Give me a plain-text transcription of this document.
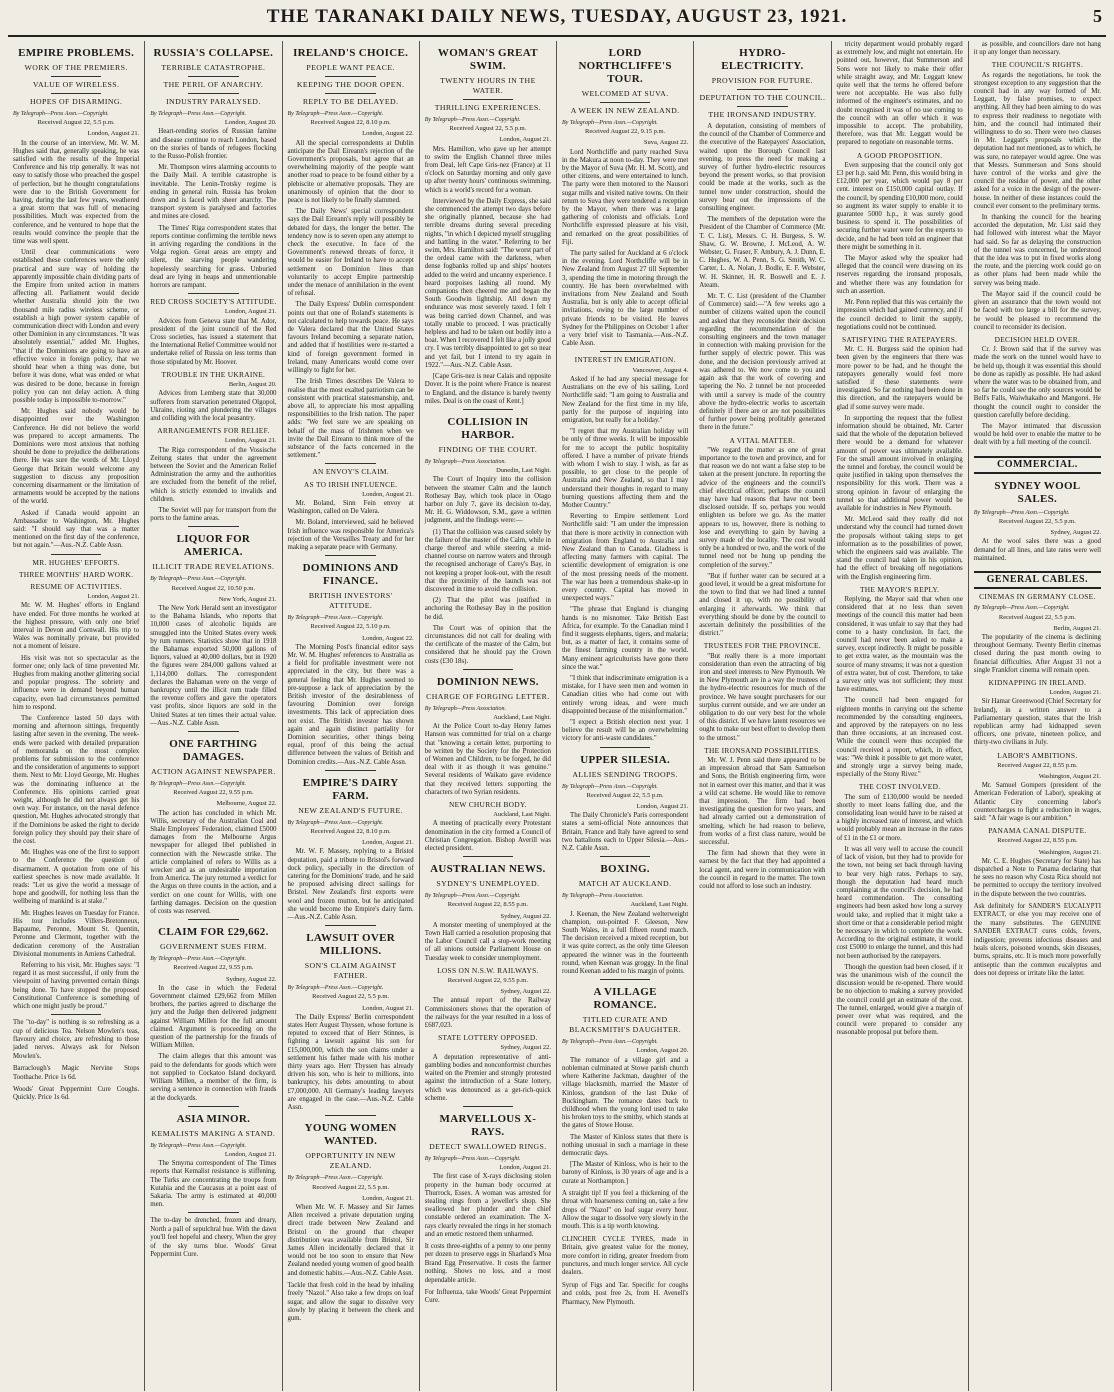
THE TARANAKI DAILY NEWS, TUESDAY, AUGUST 23, 1921.	5
EMPIRE PROBLEMS.
WORK OF THE PREMIERS.
VALUE OF WIRELESS.
HOPES OF DISARMING.
By Telegraph—Press Assn.—Copyright.
Received August 22, 5.5 p.m.
London, August 21.

In the course of an interview, Mr. W. M. Hughes said that, generally speaking, he was satisfied with the results of the Imperial Conference and his trip generally. It was not easy to satisfy those who preached the gospel of perfection, but he thought congratulations were due to the British Government for having, during the last few years, weathered a great storm that was full of menacing possibilities. Much was expected from the conference, and he ventured to hope that the results would convince the people that the time was well spent.

Until clear communications were established these conferences were the only practical and sure way of holding the apparently impossible chain dividing parts of the Empire from united action in matters affecting all. Parliament would decide whether Australia should join the two thousand mile radius wireless scheme, or establish a high power system capable of communication direct with London and every other Dominion in any circumstances. "It was absolutely essential," added Mr. Hughes, "that if the Dominions are going to have an effective voice in foreign policy, that we should hear when a thing was done, but before it was done, what was ended or what was desired to be done, because in foreign policy you can not delay action. A thing possible today is impossible to-morrow."

Mr. Hughes said nobody would be disappointed over the Washington Conference. He did not believe the world was prepared to accept armaments. The Dominions were most anxious that nothing should be done to prejudice the deliberations there. He was sure the words of Mr. Lloyd George that Britain would welcome any suggestion to discuss any proposition concerning disarmament or the limitation of armaments would be accepted by the nations of the world.

Asked if Canada would appoint an Ambassador to Washington, Mr. Hughes said: "I should say that was a matter mentioned on the first day of the conference, but not again."—Aus.-N.Z. Cable Assn.

MR. HUGHES' EFFORTS.
THREE MONTHS' HARD WORK.
RESUME OF ACTIVITIES.
London, August 21.

Mr. W. M. Hughes' efforts in England have ended. For three months he worked at the highest pressure, with only one brief interval in Devon and Cornwall. His trip to Wales was nominally private, but provided not a moment of leisure.

His visit was not so spectacular as the former one; only lack of time prevented Mr. Hughes from making another glittering social and popular progress. The sobriety and influence were in demand beyond human capacity, even had circumstances permitted him to respond.

The Conference lasted 50 days with morning and afternoon sittings, frequently lasting after seven in the evening. The week-ends were packed with detailed preparation of memoranda on the most complex problems for submission to the conference and the consideration of arguments to support them. Next to Mr. Lloyd George, Mr. Hughes was the dominating influence at the Conference. His opinions carried great weight, although he did not always get his own way. For instance, on the naval defence question, Mr. Hughes advocated strongly that if the Dominions be asked the right to decide foreign policy they should pay their share of the cost.

Mr. Hughes was one of the first to support to the Conference the question of disarmament. A quotation from one of his earliest speeches is now made available. It reads: "Let us give the world a message of hope and goodwill, for nothing less than the wellbeing of mankind is at stake."

Mr. Hughes leaves on Tuesday for France. His tour includes Villers-Bretonneux, Bapaume, Peronne, Mount St. Quentin, Peronne and Clermont, together with the dedication ceremony of the Australian Divisional monuments in Amiens Cathedral.

Referring to his visit, Mr. Hughes says: "I regard it as most successful, if only from the viewpoint of having prevented certain things being done. To have stopped the proposed Constitutional Conference is something of which one might justly be proud."

The "to-day" is nothing is so refreshing as a cup of delicious Tea. Nelson Mowlen's teas, flavoury and choice, are refreshing to those jaded nerves. Always ask for Nelson Mowlen's.

Barraclough's Magic Nervine Stops Toothache. Price 1s 6d.

Woods' Great Peppermint Cure Coughs. Quickly. Price 1s 6d.

RUSSIA'S COLLAPSE.
TERRIBLE CATASTROPHE.
THE PERIL OF ANARCHY.
INDUSTRY PARALYSED.
By Telegraph—Press Assn.—Copyright.
London, August 20.

Heart-rending stories of Russian famine and disease continue to reach London, based on the stories of bands of refugees flocking to the Russo-Polish frontier.

Mr. Thompson wires alarming accounts to the Daily Mail. A terrible catastrophe is inevitable. The Lenin-Trotsky regime is ending in general ruin. Russia has broken down and is faced with sheer anarchy. The transport system is paralysed and factories and mines are closed.

The Times' Riga correspondent states that reports continue confirming the terrible news in arriving regarding the conditions in the Volga region. Great areas are empty and silent, the starving people wandering hopelessly searching for grass. Unburied dead are lying in heaps and unmentionable horrors are rampant.

RED CROSS SOCIETY'S ATTITUDE.
London, August 21.

Advices from Geneva state that M. Ador, president of the joint council of the Red Cross societies, has issued a statement that the International Relief Committee would not undertake relief of Russia on less terms than those stipulated by Mr. Hoover.

TROUBLE IN THE UKRAINE.
Berlin, August 20.

Advices from Lemberg state that 30,000 sufferers from starvation penetrated Olgopol, Ukraine, rioting and plundering the villages and colliding with the local peasantry.

ARRANGEMENTS FOR RELIEF.
London, August 21.

The Riga correspondent of the Vossische Zeitung states that under the agreement between the Soviet and the American Relief Administration the army and the authorities are excluded from the benefit of the relief, which is strictly extended to invalids and children.

The Soviet will pay for transport from the ports to the famine areas.

LIQUOR FOR AMERICA.
ILLICIT TRADE REVELATIONS.
By Telegraph—Press Assn.—Copyright.
Received August 22, 10.50 p.m.
New York, August 21.

The New York Herald sent an investigator to the Bahama Islands, who reports that 10,000 cases of alcoholic liquids are smuggled into the United States every week by rum runners. Statistics show that in 1918 the Bahamas exported 50,000 gallons of liquors, valued at 40,000 dollars, but in 1920 the figures were 284,000 gallons valued at 1,114,000 dollars. The correspondent declares the Bahaman were on the verge of bankruptcy until the illicit rum trade filled the revenue coffers and gave the operators vast profits, since liquors are sold in the United States at ten times their actual value.—Aus.-N.Z. Cable Assn.

ONE FARTHING DAMAGES.
ACTION AGAINST NEWSPAPER.
By Telegraph—Press Assn.—Copyright.
Received August 22, 9.55 p.m.
Melbourne, August 22.

The action has concluded in which Mr. Willis, secretary of the Australian Coal and Shale Employees' Federation, claimed £5000 damages from the Melbourne Argus newspaper for alleged libel published in connection with the Newcastle strike. The article complained of refers to Willis as a wrecker and as an undesirable importation from America. The jury returned a verdict for the Argus on three counts in the action, and a verdict on one count for Willis, with one farthing damages. Decision on the question of costs was reserved.

CLAIM FOR £29,662.
GOVERNMENT SUES FIRM.
By Telegraph—Press Assn.—Copyright.
Received August 22, 9.55 p.m.
Sydney, August 22.

In the case in which the Federal Government claimed £29,662 from Millen brothers, the parties agreed to discharge the jury and the Judge then delivered judgment against William Millen for the full amount claimed. Argument is proceeding on the question of the partnership for the frauds of William Millen.

The claim alleges that this amount was paid to the defendants for goods which were not supplied to Cockatoo Island dockyard. William Millen, a member of the firm, is serving a sentence in connection with frauds at the dockyards.

ASIA MINOR.
KEMALISTS MAKING A STAND.
By Telegraph—Press Assn.—Copyright.
London, August 21.

The Smyrna correspondent of The Times reports that Kemalist resistance is stiffening. The Turks are concentrating the troops from Kutahia and the Caucasus at a point east of Sakaria. The army is estimated at 40,000 men.

The to-day be drenched, frozen and dreary, North a pall of sepulchral hue. With the dawn you'll feel hopeful and cheery, When the grey of the sky turns blue. Woods' Great Peppermint Cure.

IRELAND'S CHOICE.
PEOPLE WANT PEACE.
KEEPING THE DOOR OPEN.
REPLY TO BE DELAYED.
By Telegraph—Press Assn.—Copyright.
Received August 22, 8.10 p.m.
London, August 22.

All the special correspondents at Dublin anticipate the Dail Eireann's rejection of the Government's proposals, but agree that an overwhelming majority of the people want another road to peace to be found either by a plebiscite or alternative proposals. They are unanimously of opinion that the door to peace is not likely to be finally slammed.

The Daily News' special correspondent says the Dail Eireann's reply will possibly be debated for days, the longer the better. The tendency now is to seven open any attempt to check the executive. In face of the Government's renewed threats of force, it would be easier for Ireland to have to accept settlement on Dominion lines than voluntarily to accept Empire partnership under the menace of annihilation in the event of refusal.

The Daily Express' Dublin correspondent points out that one of Roland's statements is not calculated to help towards peace. He says de Valera declared that the United States favours Ireland becoming a separate nation, and added that if hostilities were re-started a kind of foreign government formed in Ireland, many Americans would come over willingly to fight for her.

The Irish Times describes De Valera to realise that the most exalted patriotism can be consistent with practical statesmanship, and, above all, to appreciate his most appalling responsibilities to the Irish nation. The paper adds: "We feel sure we are speaking on behalf of the mass of Irishmen when we invite the Dail Eireann to think more of the substance of the facts concerned in the settlement."

AN ENVOY'S CLAIM.
AS TO IRISH INFLUENCE.
London, August 21.

Mr. Boland, Sinn Fein envoy at Washington, called on De Valera.

Mr. Boland, interviewed, said he believed Irish influence was responsible for America's rejection of the Versailles Treaty and for her making a separate peace with Germany.

DOMINIONS AND FINANCE.
BRITISH INVESTORS' ATTITUDE.
By Telegraph—Press Assn.—Copyright.
Received August 22, 5.10 p.m.
London, August 22.

The Morning Post's financial editor says Mr. W. M. Hughes' references to Australia as a field for profitable investment were not appreciated in the city, but there was a general feeling that Mr. Hughes seemed to pre-suppose a lack of appreciation by the British investor of the desirableness of favouring Dominion over foreign investments. This lack of appreciation does not exist. The British investor has shown again and again distinct partiality for Dominion securities, other things being equal, proof of this being the actual difference between the values of British and Dominion credits.—Aus.-N.Z. Cable Assn.

EMPIRE'S DAIRY FARM.
NEW ZEALAND'S FUTURE.
By Telegraph—Press Assn.—Copyright.
Received August 22, 8.10 p.m.
London, August 21.

Mr. W. F. Massey, replying to a Bristol deputation, paid a tribute to Bristol's forward dock policy, specially in the direction of catering for the Dominions' trade, and he said he proposed advising direct sailings for Bristol. New Zealand's first exports were wool and frozen mutton, but he anticipated she would become the Empire's dairy farm.—Aus.-N.Z. Cable Assn.

LAWSUIT OVER MILLIONS.
SON'S CLAIM AGAINST FATHER.
By Telegraph—Press Assn.—Copyright.
Received August 22, 5.5 p.m.
London, August 21.

The Daily Express' Berlin correspondent states Herr August Thyssen, whose fortune is reputed to exceed that of Herr Stinnes, is fighting a lawsuit against his son for £15,000,000, which the son claims under a settlement his father made with his mother thirty years ago. Herr Thyssen has already driven his son, who is heir to millions, into bankruptcy, his debts amounting to about £7,000,000. All Germany's leading lawyers are engaged in the case.—Aus.-N.Z. Cable Assn.

YOUNG WOMEN WANTED.
OPPORTUNITY IN NEW ZEALAND.
By Telegraph—Press Assn.—Copyright.
Received August 22, 5.5 p.m.
London, August 21.

When Mr. W. F. Massey and Sir James Allen received a private deputation urging direct trade between New Zealand and Bristol on the ground that cheaper distribution was available from Bristol, Sir James Allen incidentally declared that it would not be too soon to ensure that New Zealand needed young women of good health and domestic habits.—Aus.-N.Z. Cable Assn.

Tackle that fresh cold in the head by inhaling freely "Nazol." Also take a few drops on loaf sugar, and allow the sugar to dissolve very slowly by placing it between the cheek and gum.

WOMAN'S GREAT SWIM.
TWENTY HOURS IN THE WATER.
THRILLING EXPERIENCES.
By Telegraph—Press Assn.—Copyright.
Received August 22, 5.5 p.m.
London, August 21.

Mrs. Hamilton, who gave up her attempt to swim the English Channel three miles from Deal, left Cape Gris-nez (France) at 11 o'clock on Saturday morning and only gave up after twenty hours' continuous swimming, which is a world's record for a woman.

Interviewed by the Daily Express, she said she commenced the attempt two days before she originally planned, because she had terrible dreams during several preceding nights, "in which I depicted myself struggling and battling in the water." Referring to her swim, Mrs. Hamilton said: "The worst part of the ordeal came with the darkness, when dense fogbanks rolled up and ships' hooters added to the weird and uncanny experience. I heard porpoises lashing all round. My companions then cheered me and began the South Goodwin lightship. All down my endurance was most severely taxed. I felt I was being carried down Channel, and was totally unable to proceed. I was practically helpless and had to be taken out bodily into a boat. When I recovered I felt like a jolly good cry. I was terribly disappointed to get so near and yet fail, but I intend to try again in 1922."—Aus.-N.Z. Cable Assn.

[Cape Gris-nez is near Calais and opposite Dover. It is the point where France is nearest to England, and the distance is barely twenty miles. Deal is on the coast of Kent.]

COLLISION IN HARBOR.
FINDING OF THE COURT.
By Telegraph—Press Association.
Dunedin, Last Night.

The Court of Inquiry into the collision between the steamer Calm and the launch Rothesay Bay, which took place in Otago harbor on July 7, gave its decision to-day, Mr. H. G. Widdowson, S.M., gave a written judgment, and the findings were:—

(1) That the collision was caused solely by the failure of the master of the Calm, while in charge thereof and while steering a mid-channel course on narrow waters and through the recognised anchorage of Carey's Bay, in not keeping a proper look-out, with the result that the proximity of the launch was not discovered in time to avoid the collision.

(2) That the pilot was justified in anchoring the Rothesay Bay in the position he did.

The Court was of opinion that the circumstances did not call for dealing with the certificate of the master of the Calm, but considered that he should pay the Crown costs (£30 18s).

DOMINION NEWS.
CHARGE OF FORGING LETTER.
By Telegraph—Press Association.
Auckland, Last Night.

At the Police Court to-day Henry James Hanson was committed for trial on a charge that "knowing a certain letter, purporting to be written by the Society for the Protection of Women and Children, to be forged, he did deal with it as though it was genuine." Several residents of Waikato gave evidence that they received letters supporting the characters of two Syrian residents.

NEW CHURCH BODY.
Auckland, Last Night.

A meeting of practically every Protestant denomination in the city formed a Council of Christian Congregation. Bishop Averill was elected president.

AUSTRALIAN NEWS.
SYDNEY'S UNEMPLOYED.
By Telegraph—Press Assn.—Copyright.
Received August 22, 8.55 p.m.
Sydney, August 22.

A monster meeting of unemployed at the Town Hall carried a resolution proposing that the Labor Council call a stop-work meeting of all unions outside Parliament House on Tuesday week to consider unemployment.

LOSS ON N.S.W. RAILWAYS.
Received August 22, 9.55 p.m.
Sydney, August 22.

The annual report of the Railway Commissioners shows that the operation of the railways for the year resulted in a loss of £687,023.

STATE LOTTERY OPPOSED.
Sydney, August 22.

A deputation representative of anti-gambling bodies and nonconformist churches waited on the Premier and strongly protested against the introduction of a State lottery, which was denounced as a get-rich-quick scheme.

MARVELLOUS X-RAYS.
DETECT SWALLOWED RINGS.
By Telegraph—Press Assn.—Copyright.
London, August 21.

The first case of X-rays disclosing stolen property in the human body occurred at Thurrock, Essex. A woman was arrested for stealing rings from a jeweller's shop. She swallowed her plunder and the chief constable ordered an examination. The X-rays clearly revealed the rings in her stomach and an emetic restored them unharmed.

It costs three-eighths of a penny to one penny per dozen to preserve eggs in Sharland's Moa Brand Egg Preservative. It costs the farmer nothing. Shows no loss, and a most dependable article.

For Influenza, take Woods' Great Peppermint Cure.

LORD NORTHCLIFFE'S TOUR.
WELCOMED AT SUVA.
A WEEK IN NEW ZEALAND.
By Telegraph—Press Assn.—Copyright.
Received August 22, 9.15 p.m.
Suva, August 22.

Lord Northcliffe and party reached Suva in the Makura at noon to-day. They were met by the Mayor of Suva (Mr. H. M. Scott), and other citizens, and were entertained to lunch. The party were then motored to the Nausori sugar mills and visited native towns. On their return to Suva they were tendered a reception by the Mayor, when there was a large gathering of colonists and officials. Lord Northcliffe expressed pleasure at his visit, and remarked on the great possibilities of Fiji.

The party sailed for Auckland at 6 o'clock in the evening. Lord Northcliffe will be in New Zealand from August 27 till September 3, spending the time in motoring through the country. He has been overwhelmed with invitations from New Zealand and South Australia, but is only able to accept official invitations, owing to the large number of private friends to be visited. He leaves Sydney for the Philippines on October 1 after a very brief visit to Tasmania.—Aus.-N.Z. Cable Assn.

INTEREST IN EMIGRATION.
Vancouver, August 4.

Asked if he had any special message for Australians on the eve of his sailing, Lord Northcliffe said: "I am going to Australia and New Zealand for the first time in my life, partly for the purpose of inquiring into emigration, but really for a holiday."

"I regret that my Australian holiday will be only of three weeks. It will be impossible for me to accept the public hospitality offered. I have a number of private friends with whom I wish to stay. I wish, as far as possible, to get close to the people of Australia and New Zealand, so that I may understand their thoughts in regard to many burning questions affecting them and the Mother Country."

Reverting to Empire settlement Lord Northcliffe said: "I am under the impression that there is more activity in connection with emigration from England to Australia and New Zealand than to Canada. Gladness is affecting many farmers with capital. The scientific development of emigration is one of the most pressing needs of the moment. The war has been a tremendous shake-up in every country. Capital has moved in unexpected ways."

"The phrase that England is changing hands is no misnomer. Take British East Africa, for example. To the Canadian mind I find it suggests elephants, tigers, and malaria; but, as a matter of fact, it contains some of the finest farming country in the world. Many eminent agriculturists have gone there since the war."

"I think that indiscriminate emigration is a mistake, for I have seen men and women in Canadian cities who had come out with entirely wrong ideas, and were much disappointed because of the misinformation."

"I expect a British election next year. I believe the result will be an overwhelming victory for anti-waste candidates."

UPPER SILESIA.
ALLIES SENDING TROOPS.
By Telegraph—Press Assn.—Copyright.
Received August 22, 5.5 p.m.
London, August 21.

The Daily Chronicle's Paris correspondent states a semi-official Note announces that Britain, France and Italy have agreed to send two battalions each to Upper Silesia.—Aus.-N.Z. Cable Assn.

BOXING.
MATCH AT AUCKLAND.
By Telegraph—Press Association.
Auckland, Last Night.

J. Keenan, the New Zealand welterweight champion, out-pointed F. Gleeson, New South Wales, in a full fifteen round match. The decision received a mixed reception, but it was quite correct, as the only time Gleeson appeared the winner was in the fourteenth round, when Keenan was groggy. In the final round Keenan added to his margin of points.

A VILLAGE ROMANCE.
TITLED CURATE AND BLACKSMITH'S DAUGHTER.
By Telegraph—Press Assn.—Copyright.
London, August 20.

The romance of a village girl and a nobleman culminated at Stowe parish church where Katherine Jackman, daughter of the village blacksmith, married the Master of Kinloss, grandson of the last Duke of Buckingham. The romance dates back to childhood when the young lord used to take his broken toys to the smithy, which stands at the gates of Stowe House.

The Master of Kinloss states that there is nothing unusual in such a marriage in these democratic days.

[The Master of Kinloss, who is heir to the barony of Kinloss, is 30 years of age and is a curate at Northampton.]

A straight tip! If you feel a thickening of the throat with hoarseness coming on, take a few drops of "Nazol" on loaf sugar every hour. Allow the sugar to dissolve very slowly in the mouth. This is a tip worth knowing.

CLINCHER CYCLE TYRES, made in Britain, give greatest value for the money, more comfort in riding, greater freedom from punctures, and much longer service. All cycle dealers.

Syrup of Figs and Tar. Specific for coughs and colds, post free 2s, from H. Avenell's Pharmacy, New Plymouth.

HYDRO-ELECTRICITY.
PROVISION FOR FUTURE.
DEPUTATION TO THE COUNCIL.
THE IRONSAND INDUSTRY.

A deputation, consisting of members of the council of the Chamber of Commerce and the executive of the Ratepayers' Association, waited upon the Borough Council last evening, to press the need for making a survey of further hydro-electric resources beyond the present works, so that provision could be made at the works, such as the tunnel now under construction, should the survey bear out the impressions of the consulting engineer.

The members of the deputation were the President of the Chamber of Commerce (Mr. T. C. List), Messrs. C. H. Burgess, S. W. Shaw, G. W. Browne, J. McLeod, A. W. Webster, G. Fraser, F. Ambury, A. J. Dunn, E. C. Hughes, W. A. Penn, S. G. Smith, W. C. Carter, L. A. Nolan, J. Bodle, E. F. Webster, W. H. Skinner, H. R. Boswell and E. J. Ateam.

Mr. T. C. List (president of the Chamber of Commerce) said:—"A few weeks ago a number of citizens waited upon the council and asked that they reconsider their decision regarding the recommendation of the consulting engineers and the town manager in connection with making provision for the further supply of electric power. This was done, and the decision previously arrived at was adhered to. We now come to you and again ask that the work of covering and tapering the No. 2 tunnel be not proceeded with until a survey is made of the country above the hydro-electric works to ascertain definitely if there are or are not possibilities of further power being profitably generated there in the future."

A VITAL MATTER.

"We regard the matter as one of great importance to the town and province, and for that reason we do not want a false step to be taken at the present juncture. In reporting the advice of the engineers and the council's chief electrical officer, perhaps the council may have had reasons that have not been disclosed outside. If so, perhaps you would enlighten us before we go. As the matter appears to us, however, there is nothing to lose and everything to gain by having a survey made of the locality. The cost would only be a hundred or two, and the work of the tunnel need not be hung up pending the completion of the survey."

"But if further water can be secured at a good level, it would be a great misfortune for the town to find that we had lined a tunnel and closed it up, with no possibility of enlarging it afterwards. We think that everything should be done by the council to ascertain definitely the possibilities of the district."

TRUSTEES FOR THE PROVINCE.

"But really there is a more important consideration than even the attracting of big iron and steel interests to New Plymouth. We in New Plymouth are in a way the trustees of the hydro-electric resources for much of the province. We have sought purchasers for our surplus current outside, and we are under an obligation to do our very best for the whole of this district. If we have latent resources we ought to make our best effort to develop them to the utmost."

THE IRONSAND POSSIBILITIES.

Mr. W. J. Penn said there appeared to be an impression abroad that Sam Samuelson and Sons, the British engineering firm, were not in earnest over this matter, and that it was a wild cat scheme. He would like to remove that impression. The firm had been investigating the question for two years, and had already carried out a demonstration of smelting, which he had reason to believe, from works of a first class nature, would be successful.

The firm had shown that they were in earnest by the fact that they had appointed a local agent, and were in communication with the council in regard to the matter. The town could not afford to lose such an industry.

tricity department would probably regard as extremely low, and might not entertain. He pointed out, however, that Summerson and Sons were not likely to make their offer while straight away, and Mr. Leggatt knew quite well that the terms he offered before were not acceptable. He was also fully informed of the engineer's estimates, and no doubt recognised it was of no use coming to the council with an offer which it was impossible to accept. The probability, therefore, was that Mr. Leggatt would be prepared to negotiate on reasonable terms.

A GOOD PROPOSITION.

Even supposing that the council only got £3 per h.p. said Mr. Penn, this would bring in £12,000 per year, which would pay 8 per cent. interest on £150,000 capital outlay. If the council, by spending £10,000 more, could so augment its water supply to enable it to guarantee 5000 h.p., it was surely good business to spend it. The possibilities of securing further water were for the experts to decide, and he had been told an engineer that there might be something in it.

The Mayor asked why the speaker had alleged that the council were drawing on its reserves regarding the ironsand proposals, and whether there was any foundation for such an assertion.

Mr. Penn replied that this was certainly the impression which had gained currency, and if the council decided to limit the supply, negotiations could not be continued.

SATISFYING THE RATEPAYERS.

Mr. C. H. Burgess said the opinion had been given by the engineers that there was more power to be had, and he thought the ratepayers generally would feel more satisfied if these statements were investigated. So far nothing had been done in this direction, and the ratepayers would be glad if some survey were made.

In supporting the request that the fullest information should be obtained, Mr. Carter said that the whole of the deputation believed there would be a demand for whatever amount of power was ultimately available. For the small amount involved in enlarging the tunnel and forebay, the council would be quite justified in taking upon themselves the responsibility for this work. There was a strong opinion in favour of enlarging the tunnel so that additional power would be available for industries in New Plymouth.

Mr. McLeod said they really did not understand why the council had turned down the proposals without taking steps to get information as to the possibilities of power, which the engineers said was available. The stand the council had taken in his opinion, had the effect of breaking off negotiations with the English engineering firm.

THE MAYOR'S REPLY.

Replying, the Mayor said that when one considered that at no less than seven meetings of the council this matter had been considered, it was unfair to say that they had come to a hasty conclusion. In fact, the council had never been asked to make a survey, except indirectly. It might be possible to get extra water, as the mountain was the source of many streams; it was not a question of extra water, but of cost. Therefore, to take a survey only was not sufficient; they must have estimates.

The council had been engaged for eighteen months in carrying out the scheme recommended by the consulting engineers, and approved by the ratepayers on no less than three occasions, at an increased cost. While the council were thus occupied the council received a report, which, in effect, was: "We think it possible to get more water, and strongly urge a survey being made, especially of the Stony River."

THE COST INVOLVED.

The sum of £130,000 would be needed shortly to meet loans falling due, and the consolidating loan would have to be raised at a highly increased rate of interest, and which would probably mean an increase in the rates of £1 in the £1 or more.

It was all very well to accuse the council of lack of vision, but they had to provide for the town, not being set back through having to bear very high rates. Perhaps to say, though the deputation had heard much complaining at the council's decision, he had heard commendation. The consulting engineers had been asked how long a survey would take, and replied that it might take a short time or that a considerable period might be necessary in which to complete the work. According to the original estimate, it would cost £5000 to enlarge the tunnel, and this had not been authorised by the ratepayers.

Though the question had been closed, if it was the unanimous wish of the council the discussion would be re-opened. There would be no objection to making a survey provided the council could get an estimate of the cost. The tunnel, enlarged, would give a margin of power over what was required, and the council were prepared to consider any reasonable proposal put before them.

as possible, and councillors dare not hang it up any longer than necessary.

THE COUNCIL'S RIGHTS.

As regards the negotiations, he took the strongest exception to any suggestion that the council had in any way formed of Mr. Leggatt, by false promises, to expect anything. All they had been aiming to do was to express their readiness to negotiate with him, and the council had intimated their willingness to do so. There were two clauses in Mr. Leggatt's proposals which the deputation had not mentioned, as to which, he was sure, no ratepayer would agree. One was that Messrs. Summerson and Sons should have control of the works and give the council the residue of power, and the other asked for a voice in the design of the power-house. In neither of these instances could the council ever consent to the preliminary terms.

In thanking the council for the hearing accorded the deputation, Mr. List said they had followed with interest what the Mayor had said. So far as delaying the construction of the tunnel was concerned, he understood that the idea was to put in fixed works along the route, and the piercing work could go on as other plans had been made while the survey was being made.

The Mayor said if the council could be given an assurance that the town would not be faced with too large a bill for the survey, he would be pleased to recommend the council to reconsider its decision.

DECISION HELD OVER.

Cr. J. Brown said that if the survey was made the work on the tunnel would have to be held up, though it was essential this should be done as rapidly as possible. He had asked where the water was to be obtained from, and so far he could see the only sources would be Bell's Falls, Waiwhakaiho and Mangorei. He thought the council ought to consider the question carefully before deciding.

The Mayor intimated that discussion would be held over to enable the matter to be dealt with by a full meeting of the council.

COMMERCIAL.
SYDNEY WOOL SALES.
By Telegraph—Press Assn.—Copyright.
Received August 22, 5.5 p.m.
Sydney, August 22.

At the wool sales there was a good demand for all lines, and late rates were well maintained.

GENERAL CABLES.
CINEMAS IN GERMANY CLOSE.
By Telegraph—Press Assn.—Copyright.
Received August 22, 5.5 p.m.
Berlin, August 21.

The popularity of the cinema is declining throughout Germany. Twenty Berlin cinemas closed during the past month owing to financial difficulties. After August 31 not a single Frankfort cinema will remain open.

KIDNAPPING IN IRELAND.
London, August 21.

Sir Hamar Greenwood (Chief Secretary for Ireland), in a written answer to a Parliamentary question, states that the Irish republican army had kidnapped seven officers, one private, nineteen police, and thirty-two civilians in July.

LABOR'S AMBITIONS.
Received August 22, 8.55 p.m.
Washington, August 21.

Mr. Samuel Gompers (president of the American Federation of Labor), speaking at Atlantic City concerning labor's countercharges to fight a reduction in wages, said: "A fair wage is our ambition."

PANAMA CANAL DISPUTE.
Received August 22, 8.55 p.m.
Washington, August 21.

Mr. C. E. Hughes (Secretary for State) has dispatched a Note to Panama declaring that he sees no reason why Costa Rica should not be permitted to occupy the territory involved in the dispute between the two countries.

Ask definitely for SANDER'S EUCALYPTI EXTRACT, or else you may receive one of the many substitutes. The GENUINE SANDER EXTRACT cures colds, fevers, indigestion; prevents infectious diseases and heals ulcers, poisoned wounds, skin diseases, burns, sprains, etc. It is much more powerfully antiseptic than the common eucalyptus and does not depress or irritate like the latter.
